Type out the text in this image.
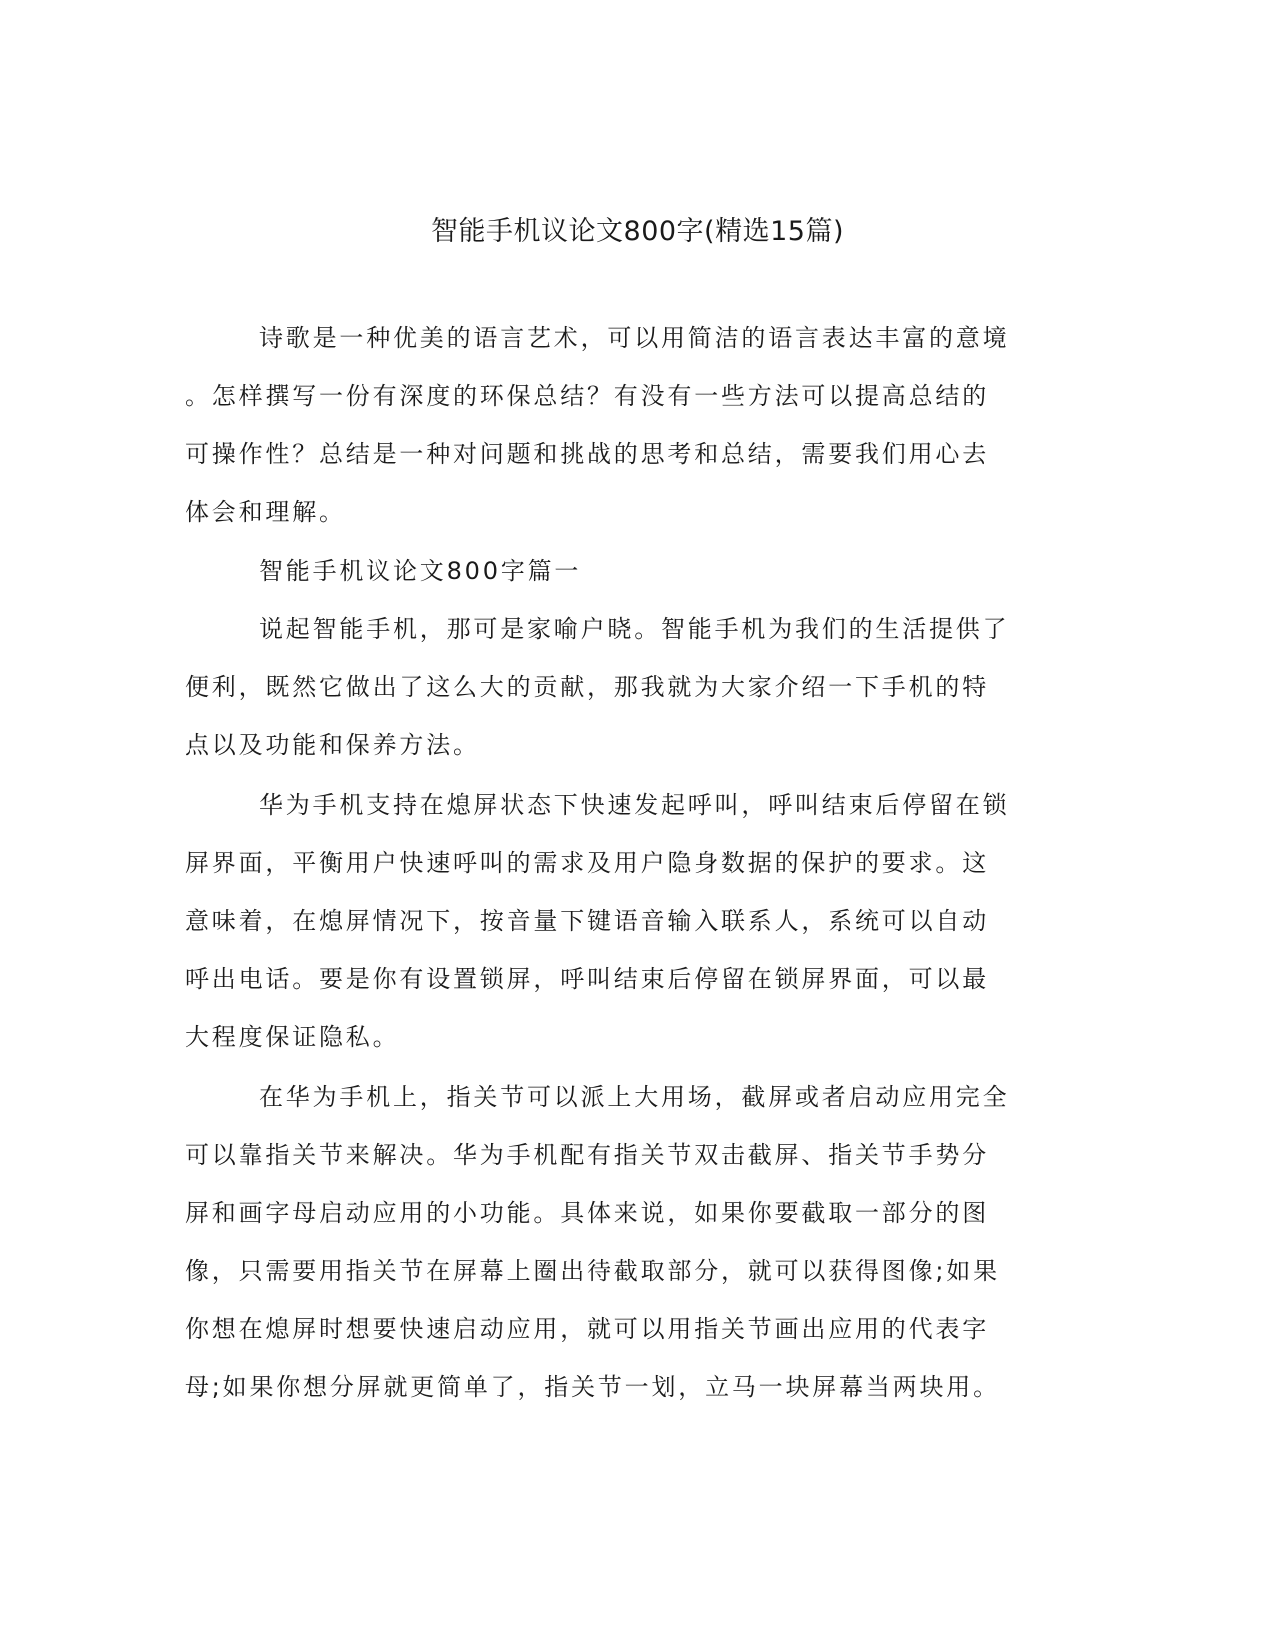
智能手机议论文800字(精选15篇)
诗歌是一种优美的语言艺术，可以用简洁的语言表达丰富的意境
。怎样撰写一份有深度的环保总结？有没有一些方法可以提高总结的
可操作性？总结是一种对问题和挑战的思考和总结，需要我们用心去
体会和理解。
智能手机议论文800字篇一
说起智能手机，那可是家喻户晓。智能手机为我们的生活提供了
便利，既然它做出了这么大的贡献，那我就为大家介绍一下手机的特
点以及功能和保养方法。
华为手机支持在熄屏状态下快速发起呼叫，呼叫结束后停留在锁
屏界面，平衡用户快速呼叫的需求及用户隐身数据的保护的要求。这
意味着，在熄屏情况下，按音量下键语音输入联系人，系统可以自动
呼出电话。要是你有设置锁屏，呼叫结束后停留在锁屏界面，可以最
大程度保证隐私。
在华为手机上，指关节可以派上大用场，截屏或者启动应用完全
可以靠指关节来解决。华为手机配有指关节双击截屏、指关节手势分
屏和画字母启动应用的小功能。具体来说，如果你要截取一部分的图
像，只需要用指关节在屏幕上圈出待截取部分，就可以获得图像;如果
你想在熄屏时想要快速启动应用，就可以用指关节画出应用的代表字
母;如果你想分屏就更简单了，指关节一划，立马一块屏幕当两块用。
